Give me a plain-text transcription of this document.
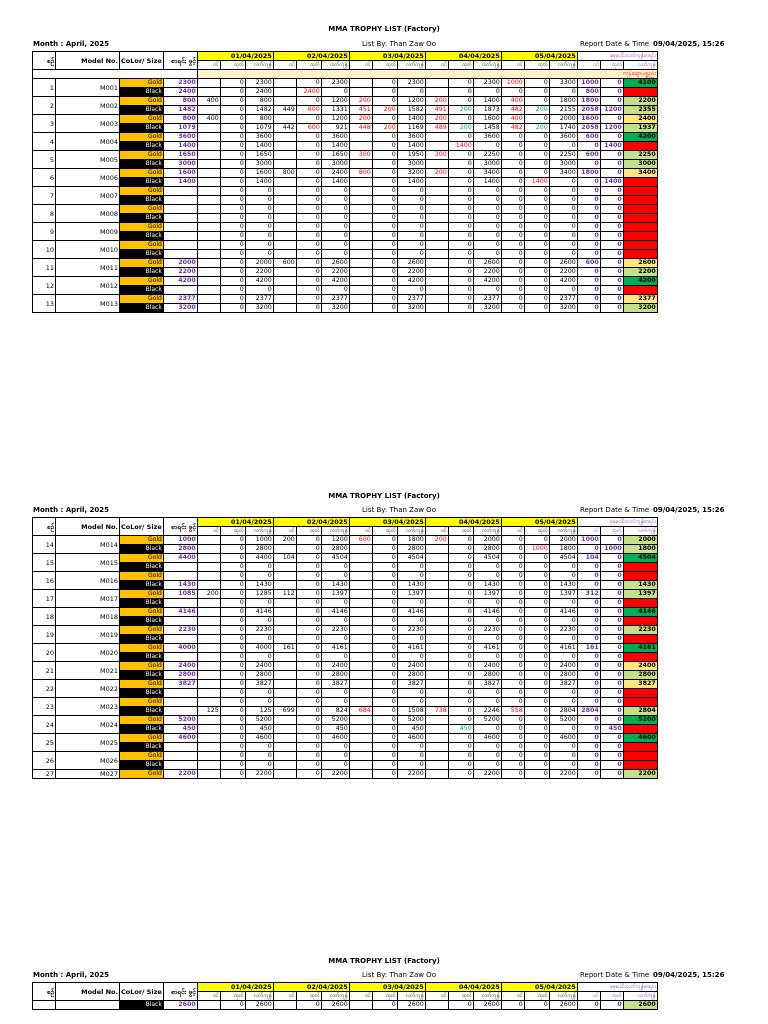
MMA TROPHY LIST (Factory)
Month : April, 2025	List By: Than Zaw Oo	Report Date & Time 09/04/2025, 15:26
စဉ်	Model No.	CoLor/ Size	စာရင်း ဖွင့်	01/04/2025			02/04/2025			03/04/2025			04/04/2025			05/04/2025			စုစုပေါင်းလက်ကျန်စာရင်း		
				ဝင်	ထုတ်	လက်ကျန်	ဝင်	ထုတ်	လက်ကျန်	ဝင်	ထုတ်	လက်ကျန်	ဝင်	ထုတ်	လက်ကျန်	ဝင်	ထုတ်	လက်ကျန်	ဝင်	ထုတ်	လက်ကျန်
				ကုန်ချောပစ္စည်း																	
1	M001	Gold	2300		0	2300		0	2300		0	2300		0	2300	1000	0	3300	1000	0	4100
		Black	2400		0	2400		2400	0		0	0		0	0	0	0	0	800	0	0
2	M002	Gold	800	400	0	800		0	1200	200	0	1200	200	0	1400	400	0	1800	1800	0	2200
		Black	1482		0	1482	449	600	1331	451	200	1582	491	200	1873	482	200	2155	2058	1200	2355
3	M003	Gold	800	400	0	800		0	1200	200	0	1400	200	0	1600	400	0	2000	1600	0	2400
		Black	1079		0	1079	442	600	921	448	200	1169	489	200	1458	482	200	1740	2058	1200	1937
4	M004	Gold	3600		0	3600		0	3600		0	3600		0	3600	0	0	3600	600	0	4200
		Black	1400		0	1400		0	1400		0	1400		1400	0	0	0	0	0	1400	0
5	M005	Gold	1650		0	1650		0	1650	300	0	1950	300	0	2250	0	0	2250	600	0	2250
		Black	3000		0	3000		0	3000		0	3000		0	3000	0	0	3000	0	0	3000
6	M006	Gold	1600		0	1600	800	0	2400	800	0	3200	200	0	3400	0	0	3400	1800	0	3400
		Black	1400		0	1400		0	1400		0	1400		0	1400	0	1400	0	0	1400	0
7	M007	Gold			0	0		0	0		0	0		0	0	0	0	0	0	0	0
		Black			0	0		0	0		0	0		0	0	0	0	0	0	0	0
8	M008	Gold			0	0		0	0		0	0		0	0	0	0	0	0	0	0
		Black			0	0		0	0		0	0		0	0	0	0	0	0	0	0
9	M009	Gold			0	0		0	0		0	0		0	0	0	0	0	0	0	0
		Black			0	0		0	0		0	0		0	0	0	0	0	0	0	0
10	M010	Gold			0	0		0	0		0	0		0	0	0	0	0	0	0	0
		Black			0	0		0	0		0	0		0	0	0	0	0	0	0	0
11	M011	Gold	2000		0	2000	600	0	2600		0	2600		0	2600	0	0	2600	600	0	2600
		Black	2200		0	2200		0	2200		0	2200		0	2200	0	0	2200	0	0	2200
12	M012	Gold	4200		0	4200		0	4200		0	4200		0	4200	0	0	4200	0	0	4200
		Black			0	0		0	0		0	0		0	0	0	0	0	0	0	0
13	M013	Gold	2377		0	2377		0	2377		0	2377		0	2377	0	0	2377	0	0	2377
		Black	3200		0	3200		0	3200		0	3200		0	3200	0	0	3200	0	0	3200
MMA TROPHY LIST (Factory)
Month : April, 2025	List By: Than Zaw Oo	Report Date & Time 09/04/2025, 15:26
စဉ်	Model No.	CoLor/ Size	စာရင်း ဖွင့်	01/04/2025			02/04/2025			03/04/2025			04/04/2025			05/04/2025			စုစုပေါင်းလက်ကျန်စာရင်း		
				ဝင်	ထုတ်	လက်ကျန်	ဝင်	ထုတ်	လက်ကျန်	ဝင်	ထုတ်	လက်ကျန်	ဝင်	ထုတ်	လက်ကျန်	ဝင်	ထုတ်	လက်ကျန်	ဝင်	ထုတ်	လက်ကျန်
14	M014	Gold	1000		0	1000	200	0	1200	600	0	1800	200	0	2000	0	0	2000	1000	0	2000
		Black	2800		0	2800		0	2800		0	2800		0	2800	0	1000	1800	0	1000	1800
15	M015	Gold	4400		0	4400	104	0	4504		0	4504		0	4504	0	0	4504	104	0	4504
		Black			0	0		0	0		0	0		0	0	0	0	0	0	0	0
16	M016	Gold			0	0		0	0		0	0		0	0	0	0	0	0	0	0
		Black	1430		0	1430		0	1430		0	1430		0	1430	0	0	1430	0	0	1430
17	M017	Gold	1085	200	0	1285	112	0	1397		0	1397		0	1397	0	0	1397	312	0	1397
		Black			0	0		0	0		0	0		0	0	0	0	0	0	0	0
18	M018	Gold	4146		0	4146		0	4146		0	4146		0	4146	0	0	4146	0	0	4146
		Black			0	0		0	0		0	0		0	0	0	0	0	0	0	0
19	M019	Gold	2230		0	2230		0	2230		0	2230		0	2230	0	0	2230	0	0	2230
		Black			0	0		0	0		0	0		0	0	0	0	0	0	0	0
20	M020	Gold	4000		0	4000	161	0	4161		0	4161		0	4161	0	0	4161	161	0	4161
		Black			0	0		0	0		0	0		0	0	0	0	0	0	0	0
21	M021	Gold	2400		0	2400		0	2400		0	2400		0	2400	0	0	2400	0	0	2400
		Black	2800		0	2800		0	2800		0	2800		0	2800	0	0	2800	0	0	2800
22	M022	Gold	3827		0	3827		0	3827		0	3827		0	3827	0	0	3827	0	0	3827
		Black			0	0		0	0		0	0		0	0	0	0	0	0	0	0
23	M023	Gold			0	0		0	0		0	0		0	0	0	0	0	0	0	0
		Black		125	0	125	699	0	824	684	0	1508	738	0	2246	558	0	2804	2804	0	2804
24	M024	Gold	5200		0	5200		0	5200		0	5200		0	5200	0	0	5200	0	0	5200
		Black	450		0	450		0	450		0	450		450	0	0	0	0	0	450	0
25	M025	Gold	4600		0	4600		0	4600		0	4600		0	4600	0	0	4600	0	0	4600
		Black			0	0		0	0		0	0		0	0	0	0	0	0	0	0
26	M026	Gold			0	0		0	0		0	0		0	0	0	0	0	0	0	0
		Black			0	0		0	0		0	0		0	0	0	0	0	0	0	0
27	M027	Gold	2200		0	2200		0	2200		0	2200		0	2200	0	0	2200	0	0	2200
MMA TROPHY LIST (Factory)
Month : April, 2025	List By: Than Zaw Oo	Report Date & Time 09/04/2025, 15:26
စဉ်	Model No.	CoLor/ Size	စာရင်း ဖွင့်	01/04/2025			02/04/2025			03/04/2025			04/04/2025			05/04/2025			စုစုပေါင်းလက်ကျန်စာရင်း		
				ဝင်	ထုတ်	လက်ကျန်	ဝင်	ထုတ်	လက်ကျန်	ဝင်	ထုတ်	လက်ကျန်	ဝင်	ထုတ်	လက်ကျန်	ဝင်	ထုတ်	လက်ကျန်	ဝင်	ထုတ်	လက်ကျန်
		Black	2600		0	2600		0	2600		0	2600		0	2600	0	0	2600	0	0	2600
